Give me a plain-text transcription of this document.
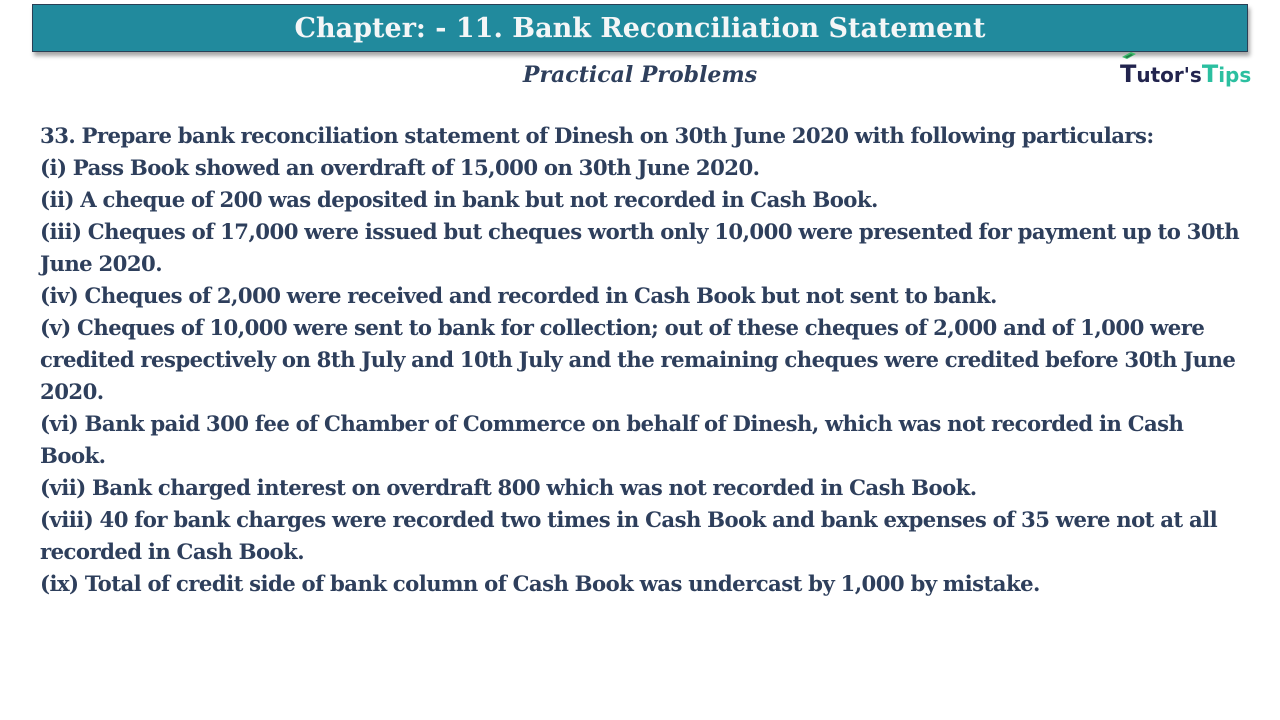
Chapter: - 11. Bank Reconciliation Statement
Practical Problems	Tutor's Tips

33. Prepare bank reconciliation statement of Dinesh on 30th June 2020 with following particulars:

(i) Pass Book showed an overdraft of 15,000 on 30th June 2020.

(ii) A cheque of 200 was deposited in bank but not recorded in Cash Book.

(iii) Cheques of 17,000 were issued but cheques worth only 10,000 were presented for payment up to 30th June 2020.

(iv) Cheques of 2,000 were received and recorded in Cash Book but not sent to bank.

(v) Cheques of 10,000 were sent to bank for collection; out of these cheques of 2,000 and of 1,000 were credited respectively on 8th July and 10th July and the remaining cheques were credited before 30th June 2020.

(vi) Bank paid 300 fee of Chamber of Commerce on behalf of Dinesh, which was not recorded in Cash Book.

(vii) Bank charged interest on overdraft 800 which was not recorded in Cash Book.

(viii) 40 for bank charges were recorded two times in Cash Book and bank expenses of 35 were not at all recorded in Cash Book.

(ix) Total of credit side of bank column of Cash Book was undercast by 1,000 by mistake.
